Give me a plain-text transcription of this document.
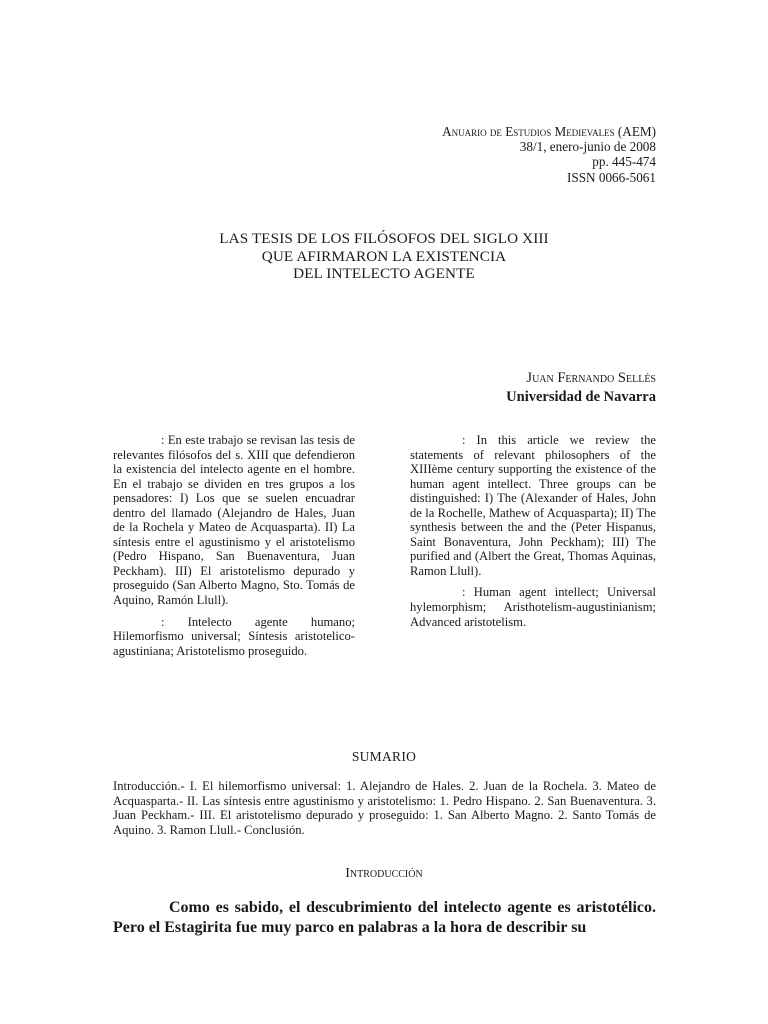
Anuario de Estudios Medievales (AEM)
38/1, enero-junio de 2008
pp. 445-474
ISSN 0066-5061
LAS TESIS DE LOS FILÓSOFOS DEL SIGLO XIII
QUE AFIRMARON LA EXISTENCIA
DEL INTELECTO AGENTE
Juan Fernando Sellés
Universidad de Navarra

: En este trabajo se revisan las tesis de relevantes filósofos del s. XIII que defendieron la existencia del intelecto agente en el hombre. En el trabajo se dividen en tres grupos a los pensadores: I) Los que se suelen encuadrar dentro del llamado (Alejandro de Hales, Juan de la Rochela y Mateo de Acquasparta). II) La síntesis entre el agustinismo y el aristotelismo (Pedro Hispano, San Buenaventura, Juan Peckham). III) El aristotelismo depurado y proseguido (San Alberto Magno, Sto. Tomás de Aquino, Ramón Llull).

: Intelecto agente humano; Hilemorfismo universal; Síntesis aristotelico-agustiniana; Aristotelismo proseguido.

: In this article we review the statements of relevant philosophers of the XIIIème century supporting the existence of the human agent intellect. Three groups can be distinguished: I) The (Alexander of Hales, John de la Rochelle, Mathew of Acquasparta); II) The synthesis between the and the (Peter Hispanus, Saint Bonaventura, John Peckham); III) The purified and (Albert the Great, Thomas Aquinas, Ramon Llull).

: Human agent intellect; Universal hylemorphism; Aristhotelism-augustinianism; Advanced aristotelism.

SUMARIO

Introducción.- I. El hilemorfismo universal: 1. Alejandro de Hales. 2. Juan de la Rochela. 3. Mateo de Acquasparta.- II. Las síntesis entre agustinismo y aristotelismo: 1. Pedro Hispano. 2. San Buenaventura. 3. Juan Peckham.- III. El aristotelismo depurado y proseguido: 1. San Alberto Magno. 2. Santo Tomás de Aquino. 3. Ramon Llull.- Conclusión.

Introducción

Como es sabido, el descubrimiento del intelecto agente es aristotélico. Pero el Estagirita fue muy parco en palabras a la hora de describir su
